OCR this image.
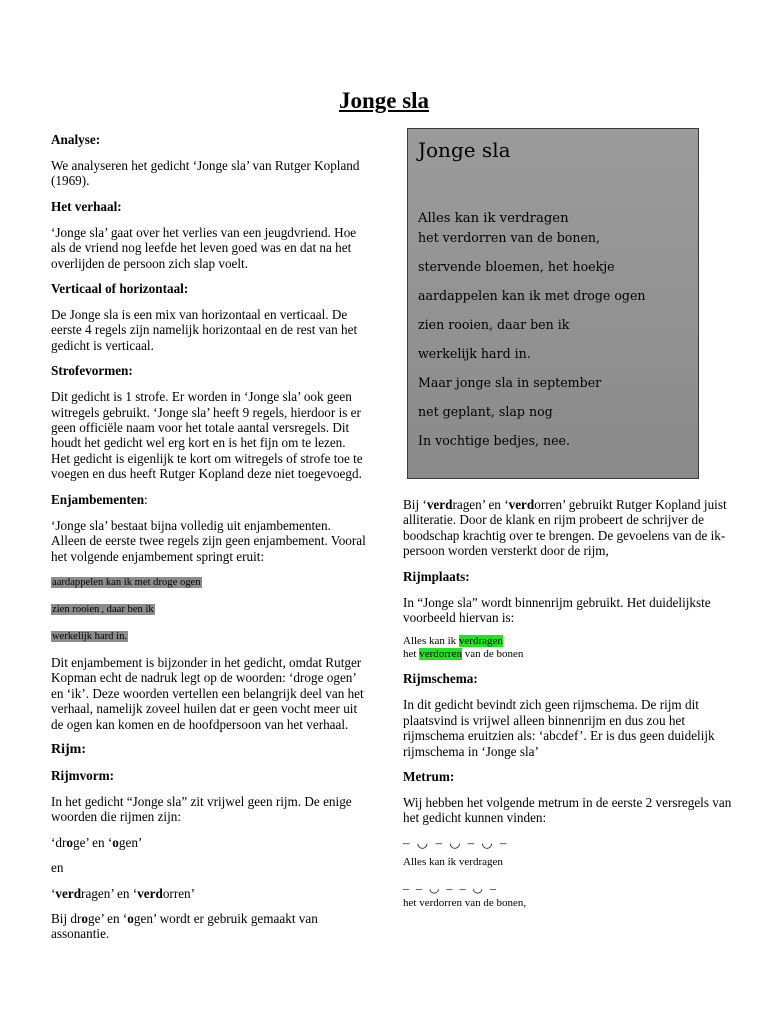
Jonge sla

Analyse:

We analyseren het gedicht ‘Jonge sla’ van Rutger Kopland (1969).

Het verhaal:

‘Jonge sla’ gaat over het verlies van een jeugdvriend. Hoe als de vriend nog leefde het leven goed was en dat na het overlijden de persoon zich slap voelt.

Verticaal of horizontaal:

De Jonge sla is een mix van horizontaal en verticaal. De eerste 4 regels zijn namelijk horizontaal en de rest van het gedicht is verticaal.

Strofevormen:

Dit gedicht is 1 strofe. Er worden in ‘Jonge sla’ ook geen witregels gebruikt. ‘Jonge sla’ heeft 9 regels, hierdoor is er geen officiële naam voor het totale aantal versregels. Dit houdt het gedicht wel erg kort en is het fijn om te lezen. Het gedicht is eigenlijk te kort om witregels of strofe toe te voegen en dus heeft Rutger Kopland deze niet toegevoegd.

Enjambementen:

‘Jonge sla’ bestaat bijna volledig uit enjambementen. Alleen de eerste twee regels zijn geen enjambement. Vooral het volgende enjambement springt eruit:

aardappelen kan ik met droge ogen

zien rooien , daar ben ik

werkelijk hard in.

Dit enjambement is bijzonder in het gedicht, omdat Rutger Kopman echt de nadruk legt op de woorden: ‘droge ogen’ en ‘ik’. Deze woorden vertellen een belangrijk deel van het verhaal, namelijk zoveel huilen dat er geen vocht meer uit de ogen kan komen en de hoofdpersoon van het verhaal.

Rijm:

Rijmvorm:

In het gedicht “Jonge sla” zit vrijwel geen rijm. De enige woorden die rijmen zijn:

‘droge’ en ‘ogen’

en

‘verdragen’ en ‘verdorren’

Bij droge’ en ‘ogen’ wordt er gebruik gemaakt van assonantie.

Jonge sla

Alles kan ik verdragen

het verdorren van de bonen,

stervende bloemen, het hoekje

aardappelen kan ik met droge ogen

zien rooien, daar ben ik

werkelijk hard in.

Maar jonge sla in september

net geplant, slap nog

In vochtige bedjes, nee.

Bij ‘verdragen’ en ‘verdorren’ gebruikt Rutger Kopland juist alliteratie. Door de klank en rijm probeert de schrijver de boodschap krachtig over te brengen. De gevoelens van de ik-persoon worden versterkt door de rijm,

Rijmplaats:

In “Jonge sla” wordt binnenrijm gebruikt. Het duidelijkste voorbeeld hiervan is:

Alles kan ik verdragen

het verdorren van de bonen

Rijmschema:

In dit gedicht bevindt zich geen rijmschema. De rijm dit plaatsvind is vrijwel alleen binnenrijm en dus zou het rijmschema eruitzien als: ‘abcdef’. Er is dus geen duidelijk rijmschema in ‘Jonge sla’

Metrum:

Wij hebben het volgende metrum in de eerste 2 versregels van het gedicht kunnen vinden:

– ◡ – ◡ – ◡ –

Alles kan ik verdragen

– – ◡ – – ◡ –

het verdorren van de bonen,
